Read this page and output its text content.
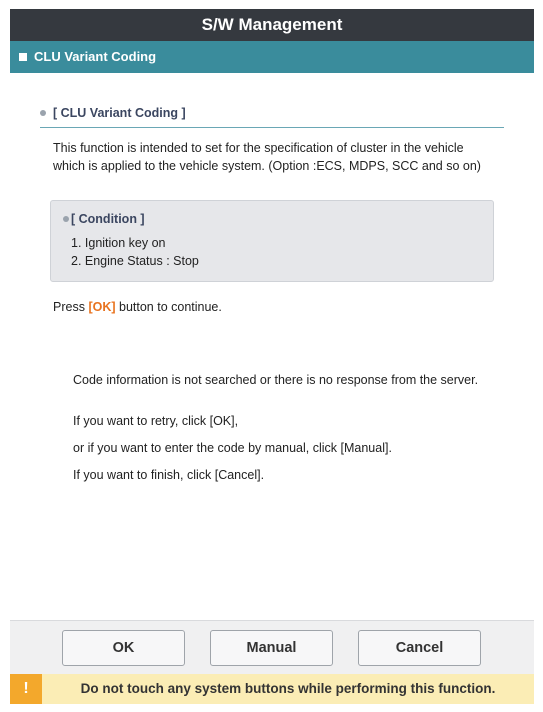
S/W Management
CLU Variant Coding
[ CLU Variant Coding ]
This function is intended to set for the specification of cluster in the vehicle
which is applied to the vehicle system. (Option :ECS, MDPS, SCC and so on)
[ Condition ]
1. Ignition key on
2. Engine Status : Stop
Press [OK] button to continue.
Code information is not searched or there is no response from the server.
If you want to retry, click [OK],
or if you want to enter the code by manual, click [Manual].
If you want to finish, click [Cancel].
OK	Manual	Cancel
!	Do not touch any system buttons while performing this function.
